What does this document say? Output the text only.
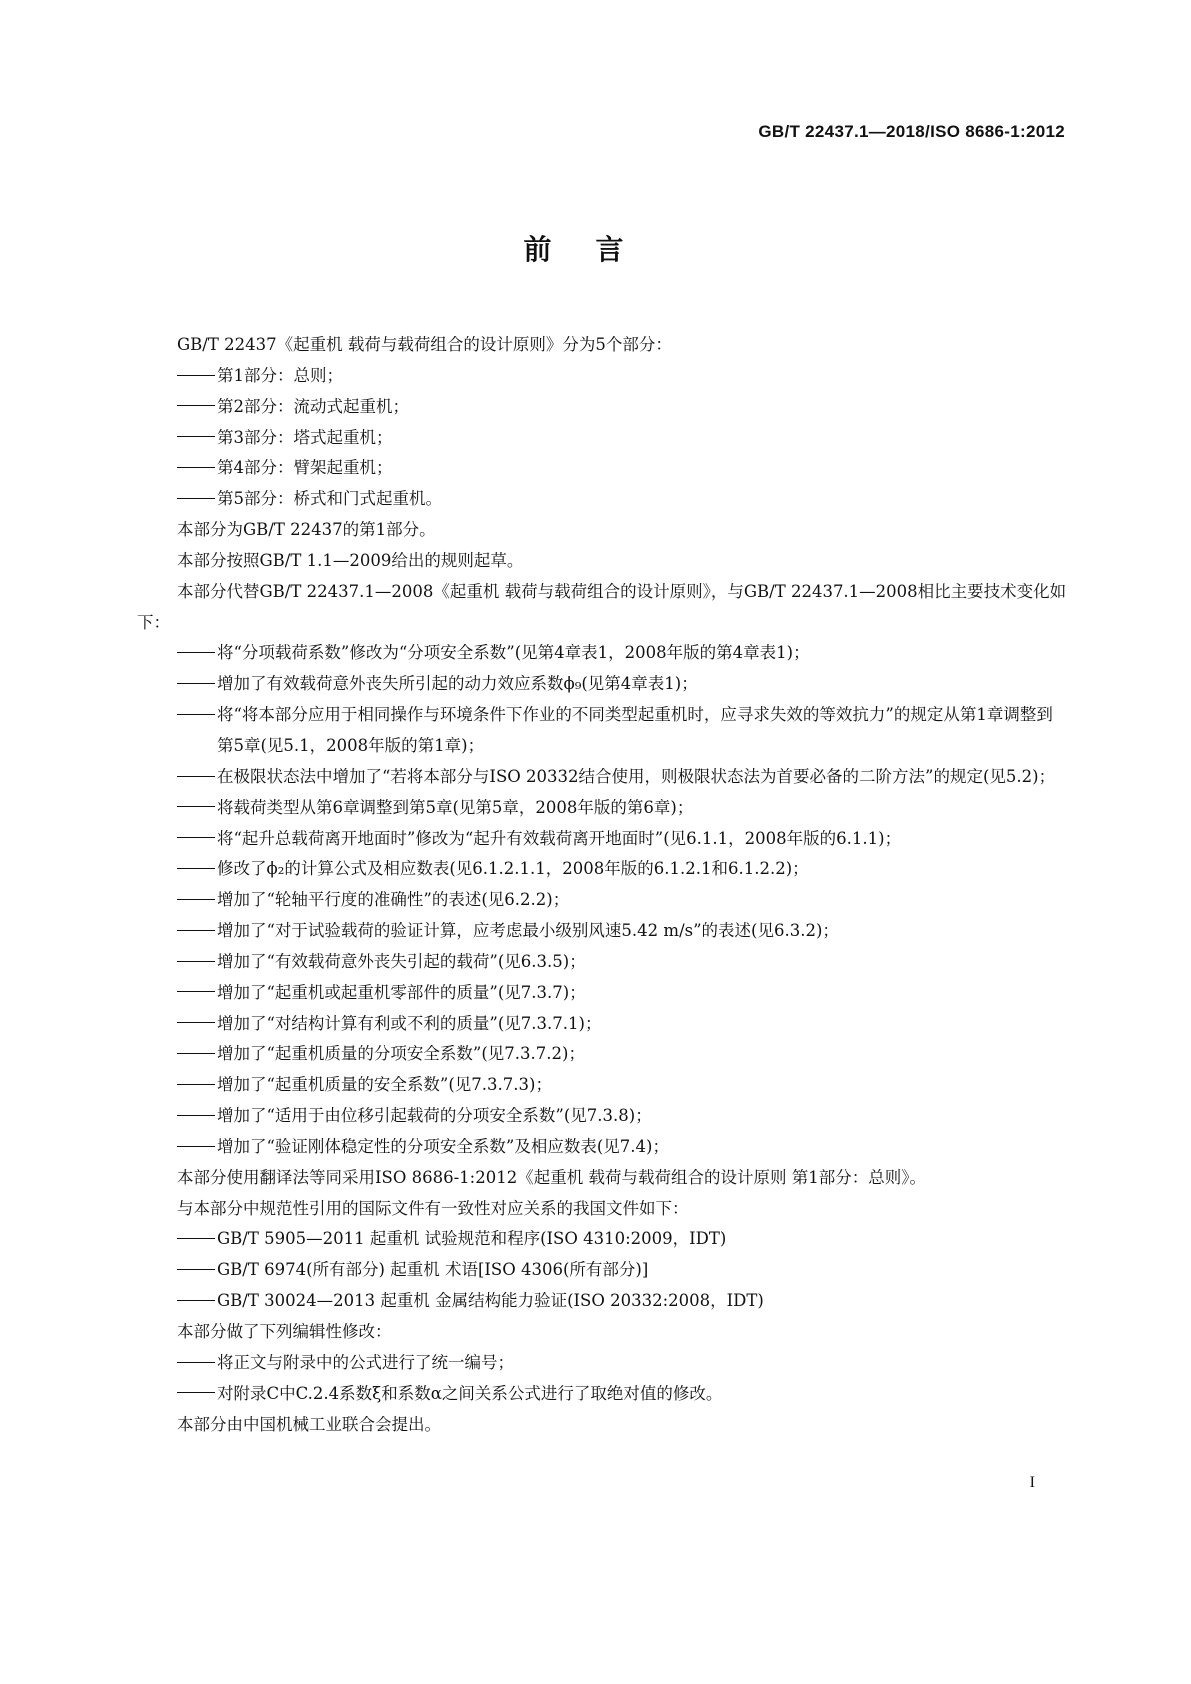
GB/T 22437.1—2018/ISO 8686-1:2012

前言

GB/T 22437《起重机 载荷与载荷组合的设计原则》分为5个部分：

第1部分：总则；

第2部分：流动式起重机；

第3部分：塔式起重机；

第4部分：臂架起重机；

第5部分：桥式和门式起重机。

本部分为GB/T 22437的第1部分。

本部分按照GB/T 1.1—2009给出的规则起草。

本部分代替GB/T 22437.1—2008《起重机 载荷与载荷组合的设计原则》，与GB/T 22437.1—2008相比主要技术变化如下：

将“分项载荷系数”修改为“分项安全系数”(见第4章表1，2008年版的第4章表1)；

增加了有效载荷意外丧失所引起的动力效应系数ϕ₉(见第4章表1)；

将“将本部分应用于相同操作与环境条件下作业的不同类型起重机时，应寻求失效的等效抗力”的规定从第1章调整到第5章(见5.1，2008年版的第1章)；

在极限状态法中增加了“若将本部分与ISO 20332结合使用，则极限状态法为首要必备的二阶方法”的规定(见5.2)；

将载荷类型从第6章调整到第5章(见第5章，2008年版的第6章)；

将“起升总载荷离开地面时”修改为“起升有效载荷离开地面时”(见6.1.1，2008年版的6.1.1)；

修改了ϕ₂的计算公式及相应数表(见6.1.2.1.1，2008年版的6.1.2.1和6.1.2.2)；

增加了“轮轴平行度的准确性”的表述(见6.2.2)；

增加了“对于试验载荷的验证计算，应考虑最小级别风速5.42 m/s”的表述(见6.3.2)；

增加了“有效载荷意外丧失引起的载荷”(见6.3.5)；

增加了“起重机或起重机零部件的质量”(见7.3.7)；

增加了“对结构计算有利或不利的质量”(见7.3.7.1)；

增加了“起重机质量的分项安全系数”(见7.3.7.2)；

增加了“起重机质量的安全系数”(见7.3.7.3)；

增加了“适用于由位移引起载荷的分项安全系数”(见7.3.8)；

增加了“验证刚体稳定性的分项安全系数”及相应数表(见7.4)；

本部分使用翻译法等同采用ISO 8686-1:2012《起重机 载荷与载荷组合的设计原则 第1部分：总则》。

与本部分中规范性引用的国际文件有一致性对应关系的我国文件如下：

GB/T 5905—2011 起重机 试验规范和程序(ISO 4310:2009，IDT)

GB/T 6974(所有部分) 起重机 术语[ISO 4306(所有部分)]

GB/T 30024—2013 起重机 金属结构能力验证(ISO 20332:2008，IDT)

本部分做了下列编辑性修改：

将正文与附录中的公式进行了统一编号；

对附录C中C.2.4系数ξ和系数α之间关系公式进行了取绝对值的修改。

本部分由中国机械工业联合会提出。

I
